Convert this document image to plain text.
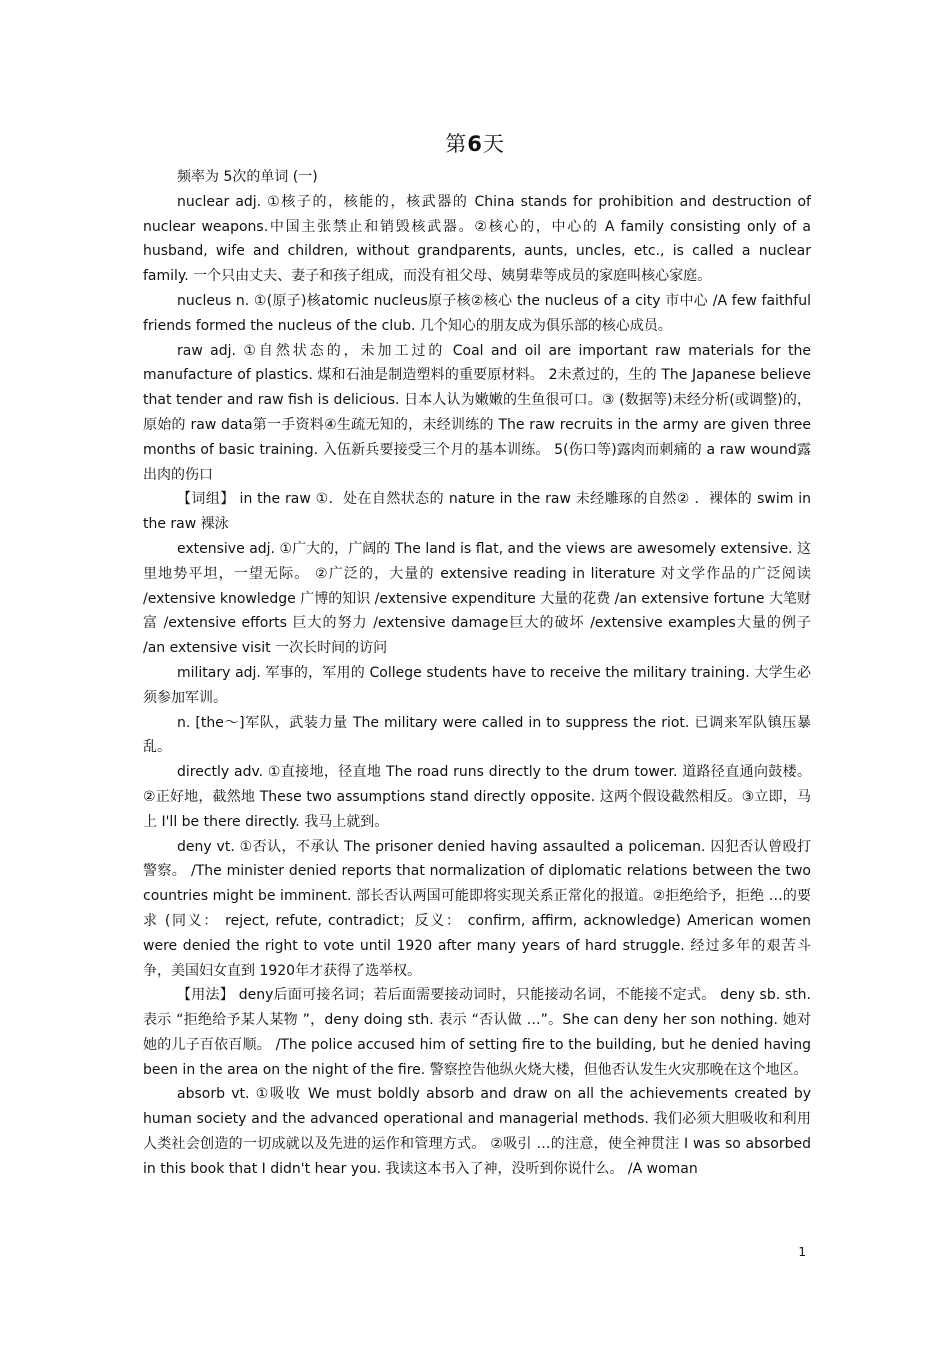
第6天

频率为 5次的单词 (一)

nuclear adj. ①核子的，核能的，核武器的 China stands for prohibition and destruction of nuclear weapons.中国主张禁止和销毁核武器。②核心的，中心的 A family consisting only of a husband, wife and children, without grandparents, aunts, uncles, etc., is called a nuclear family. 一个只由丈夫、妻子和孩子组成，而没有祖父母、姨舅辈等成员的家庭叫核心家庭。

nucleus n. ①(原子)核atomic nucleus原子核②核心 the nucleus of a city 市中心 /A few faithful friends formed the nucleus of the club. 几个知心的朋友成为俱乐部的核心成员。

raw adj. ①自然状态的，未加工过的 Coal and oil are important raw materials for the manufacture of plastics. 煤和石油是制造塑料的重要原材料。 2未煮过的，生的 The Japanese believe that tender and raw fish is delicious. 日本人认为嫩嫩的生鱼很可口。③ (数据等)未经分析(或调整)的，原始的 raw data第一手资料④生疏无知的，未经训练的 The raw recruits in the army are given three months of basic training. 入伍新兵要接受三个月的基本训练。 5(伤口等)露肉而刺痛的 a raw wound露出肉的伤口

【词组】 in the raw ①．处在自然状态的 nature in the raw 未经雕琢的自然② ．裸体的 swim in the raw 裸泳

extensive adj. ①广大的，广阔的 The land is flat, and the views are awesomely extensive. 这里地势平坦，一望无际。 ②广泛的，大量的 extensive reading in literature 对文学作品的广泛阅读 /extensive knowledge 广博的知识 /extensive expenditure 大量的花费 /an extensive fortune 大笔财富 /extensive efforts 巨大的努力 /extensive damage巨大的破坏 /extensive examples大量的例子 /an extensive visit 一次长时间的访问

military adj. 军事的，军用的 College students have to receive the military training. 大学生必须参加军训。

n. [the～]军队，武装力量 The military were called in to suppress the riot. 已调来军队镇压暴乱。

directly adv. ①直接地，径直地 The road runs directly to the drum tower. 道路径直通向鼓楼。②正好地，截然地 These two assumptions stand directly opposite. 这两个假设截然相反。③立即，马上 I'll be there directly. 我马上就到。

deny vt. ①否认，不承认 The prisoner denied having assaulted a policeman. 囚犯否认曾殴打警察。 /The minister denied reports that normalization of diplomatic relations between the two countries might be imminent. 部长否认两国可能即将实现关系正常化的报道。②拒绝给予，拒绝 …的要求 (同义： reject, refute, contradict；反义： confirm, affirm, acknowledge) American women were denied the right to vote until 1920 after many years of hard struggle. 经过多年的艰苦斗争，美国妇女直到 1920年才获得了选举权。

【用法】 deny后面可接名词；若后面需要接动词时，只能接动名词，不能接不定式。 deny sb. sth. 表示 “拒绝给予某人某物 ”，deny doing sth. 表示 “否认做 …”。She can deny her son nothing. 她对她的儿子百依百顺。 /The police accused him of setting fire to the building, but he denied having been in the area on the night of the fire. 警察控告他纵火烧大楼，但他否认发生火灾那晚在这个地区。

absorb vt. ①吸收 We must boldly absorb and draw on all the achievements created by human society and the advanced operational and managerial methods. 我们必须大胆吸收和利用人类社会创造的一切成就以及先进的运作和管理方式。 ②吸引 …的注意，使全神贯注 I was so absorbed in this book that I didn't hear you. 我读这本书入了神，没听到你说什么。 /A woman

1
